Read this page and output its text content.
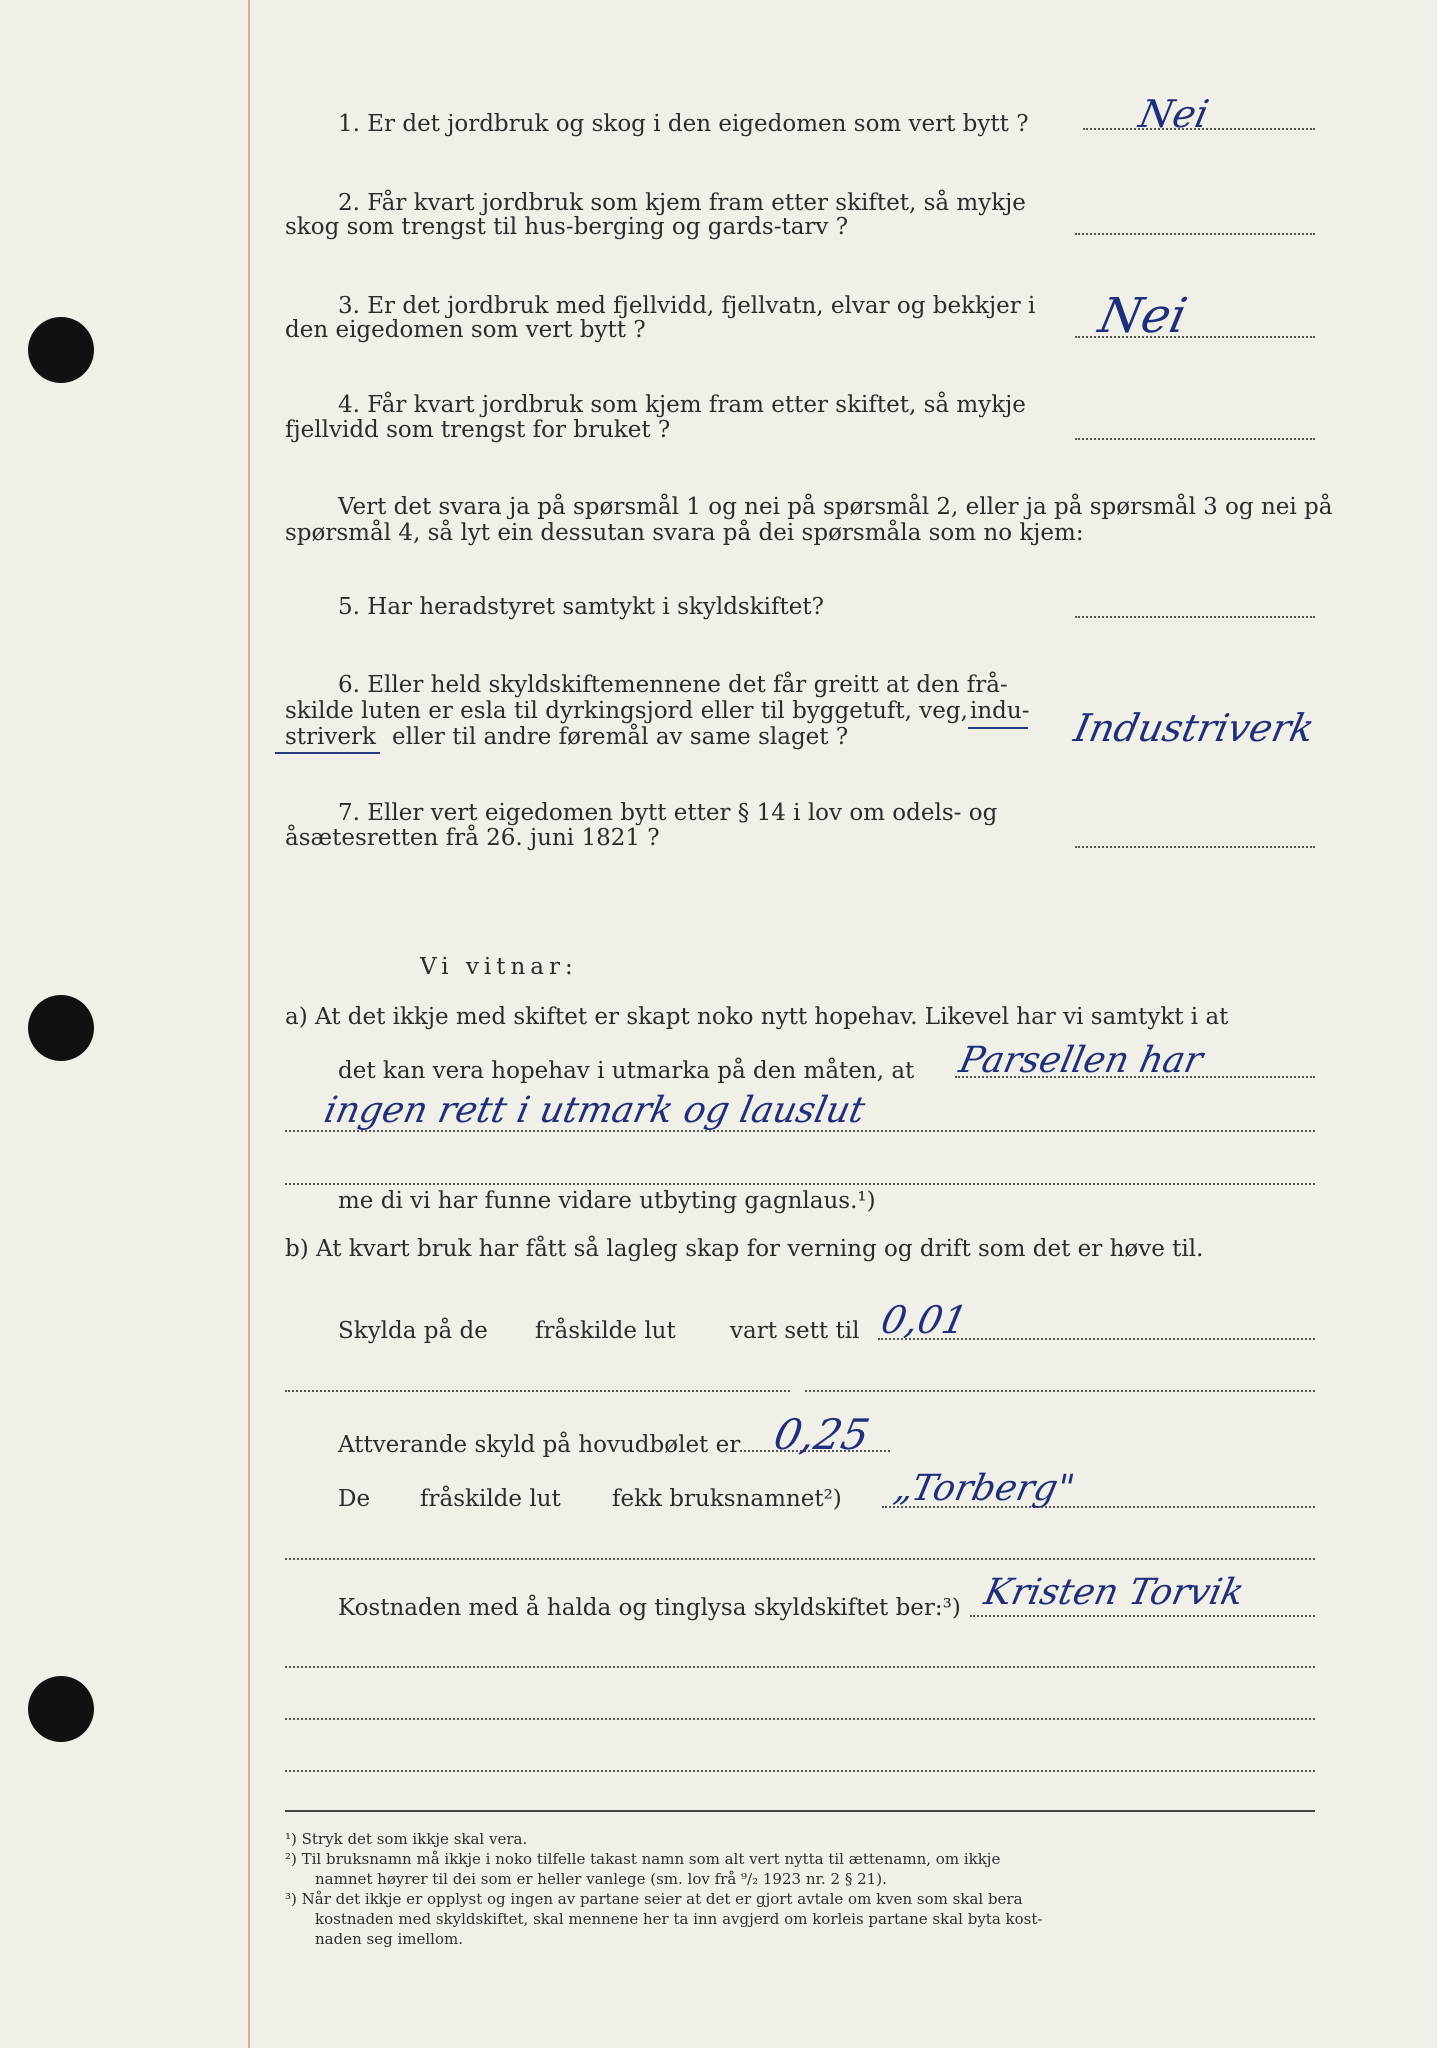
1. Er det jordbruk og skog i den eigedomen som vert bytt ?	Nei
2. Får kvart jordbruk som kjem fram etter skiftet, så mykje
skog som trengst til hus-berging og gards-tarv ?
3. Er det jordbruk med fjellvidd, fjellvatn, elvar og bekkjer i
den eigedomen som vert bytt ?	Nei
4. Får kvart jordbruk som kjem fram etter skiftet, så mykje
fjellvidd som trengst for bruket ?
Vert det svara ja på spørsmål 1 og nei på spørsmål 2, eller ja på spørsmål 3 og nei på
spørsmål 4, så lyt ein dessutan svara på dei spørsmåla som no kjem:
5. Har heradstyret samtykt i skyldskiftet?
6. Eller held skyldskiftemennene det får greitt at den frå-
skilde luten er esla til dyrkingsjord eller til byggetuft, veg, indu-
striverk eller til andre føremål av same slaget ?	Industriverk
7. Eller vert eigedomen bytt etter § 14 i lov om odels- og
åsætesretten frå 26. juni 1821 ?
Vi vitnar:
a) At det ikkje med skiftet er skapt noko nytt hopehav. Likevel har vi samtykt i at
det kan vera hopehav i utmarka på den måten, at Parsellen har
ingen rett i utmark og lauslut
me di vi har funne vidare utbyting gagnlaus.¹)
b) At kvart bruk har fått så lagleg skap for verning og drift som det er høve til.
Skylda på de fråskilde lut vart sett til 0,01
Attverande skyld på hovudbølet er 0,25
De fråskilde lut fekk bruksnamnet²) „Torberg"
Kostnaden med å halda og tinglysa skyldskiftet ber:³) Kristen Torvik
¹) Stryk det som ikkje skal vera.
²) Til bruksnamn må ikkje i noko tilfelle takast namn som alt vert nytta til ættenamn, om ikkje
namnet høyrer til dei som er heller vanlege (sm. lov frå ⁹/₂ 1923 nr. 2 § 21).
³) Når det ikkje er opplyst og ingen av partane seier at det er gjort avtale om kven som skal bera
kostnaden med skyldskiftet, skal mennene her ta inn avgjerd om korleis partane skal byta kost-
naden seg imellom.
